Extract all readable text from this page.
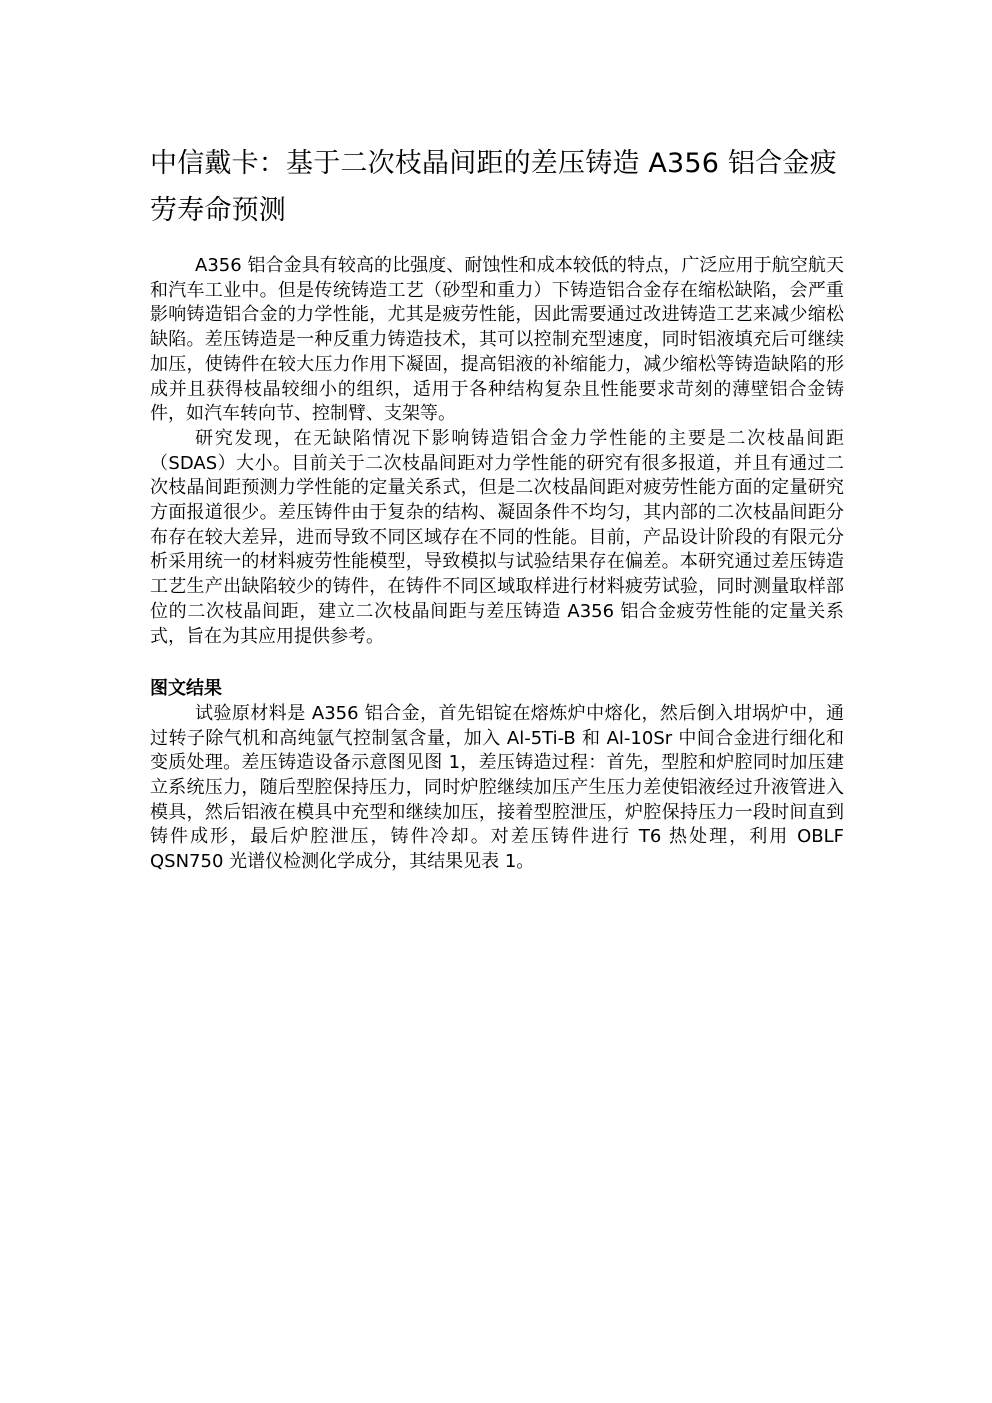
中信戴卡：基于二次枝晶间距的差压铸造 A356 铝合金疲劳寿命预测

A356 铝合金具有较高的比强度、耐蚀性和成本较低的特点，广泛应用于航空航天和汽车工业中。但是传统铸造工艺（砂型和重力）下铸造铝合金存在缩松缺陷，会严重影响铸造铝合金的力学性能，尤其是疲劳性能，因此需要通过改进铸造工艺来减少缩松缺陷。差压铸造是一种反重力铸造技术，其可以控制充型速度，同时铝液填充后可继续加压，使铸件在较大压力作用下凝固，提高铝液的补缩能力，减少缩松等铸造缺陷的形成并且获得枝晶较细小的组织，适用于各种结构复杂且性能要求苛刻的薄壁铝合金铸件，如汽车转向节、控制臂、支架等。

研究发现，在无缺陷情况下影响铸造铝合金力学性能的主要是二次枝晶间距（SDAS）大小。目前关于二次枝晶间距对力学性能的研究有很多报道，并且有通过二次枝晶间距预测力学性能的定量关系式，但是二次枝晶间距对疲劳性能方面的定量研究方面报道很少。差压铸件由于复杂的结构、凝固条件不均匀，其内部的二次枝晶间距分布存在较大差异，进而导致不同区域存在不同的性能。目前，产品设计阶段的有限元分析采用统一的材料疲劳性能模型，导致模拟与试验结果存在偏差。本研究通过差压铸造工艺生产出缺陷较少的铸件，在铸件不同区域取样进行材料疲劳试验，同时测量取样部位的二次枝晶间距，建立二次枝晶间距与差压铸造 A356 铝合金疲劳性能的定量关系式，旨在为其应用提供参考。

图文结果

试验原材料是 A356 铝合金，首先铝锭在熔炼炉中熔化，然后倒入坩埚炉中，通过转子除气机和高纯氩气控制氢含量，加入 Al-5Ti-B 和 Al-10Sr 中间合金进行细化和变质处理。差压铸造设备示意图见图 1，差压铸造过程：首先，型腔和炉腔同时加压建立系统压力，随后型腔保持压力，同时炉腔继续加压产生压力差使铝液经过升液管进入模具，然后铝液在模具中充型和继续加压，接着型腔泄压，炉腔保持压力一段时间直到铸件成形，最后炉腔泄压，铸件冷却。对差压铸件进行 T6 热处理，利用 OBLF QSN750 光谱仪检测化学成分，其结果见表 1。
